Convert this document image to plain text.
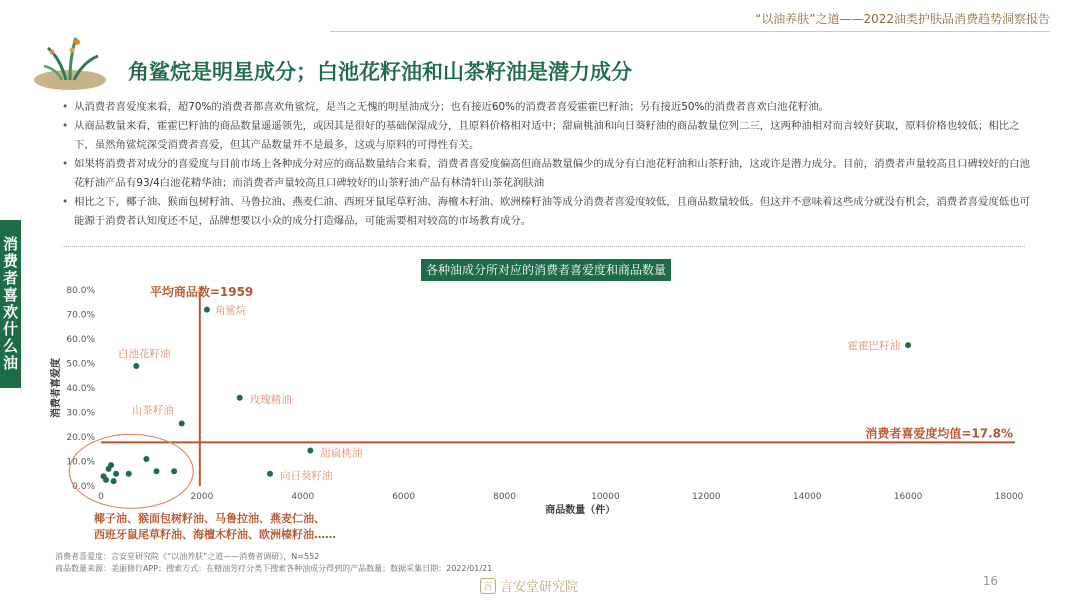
“以油养肤”之道——2022油类护肤品消费趋势洞察报告
角鲨烷是明星成分；白池花籽油和山茶籽油是潜力成分
消费者喜欢什么油
• 从消费者喜爱度来看，超70%的消费者都喜欢角鲨烷，是当之无愧的明星油成分；也有接近60%的消费者喜爱霍霍巴籽油；另有接近50%的消费者喜欢白池花籽油。
• 从商品数量来看，霍霍巴籽油的商品数量遥遥领先，或因其是很好的基础保湿成分，且原料价格相对适中；甜扁桃油和向日葵籽油的商品数量位列二三，这两种油相对而言较好获取，原料价格也较低；相比之下，虽然角鲨烷深受消费者喜爱，但其产品数量并不是最多，这或与原料的可得性有关。
• 如果将消费者对成分的喜爱度与目前市场上各种成分对应的商品数量结合来看，消费者喜爱度偏高但商品数量偏少的成分有白池花籽油和山茶籽油，这或许是潜力成分。目前，消费者声量较高且口碑较好的白池花籽油产品有93/4白池花精华油；而消费者声量较高且口碑较好的山茶籽油产品有林清轩山茶花润肤油
• 相比之下，椰子油、猴面包树籽油、马鲁拉油、燕麦仁油、西班牙鼠尾草籽油、海檀木籽油、欧洲榛籽油等成分消费者喜爱度较低，且商品数量较低。但这并不意味着这些成分就没有机会，消费者喜爱度低也可能源于消费者认知度还不足，品牌想要以小众的成分打造爆品，可能需要相对较高的市场教育成分。
各种油成分所对应的消费者喜爱度和商品数量
0.0%
10.0%
20.0%
30.0%
40.0%
50.0%
60.0%
70.0%
80.0%
0	2000	4000	6000	8000	10000	12000	14000	16000	18000
商品数量（件）
消费者喜爱度
平均商品数=1959
消费者喜爱度均值=17.8%
角鲨烷
霍霍巴籽油
白池花籽油
玫瑰精油
山茶籽油
甜扁桃油
向日葵籽油
椰子油、猴面包树籽油、马鲁拉油、燕麦仁油、
西班牙鼠尾草籽油、海檀木籽油、欧洲榛籽油……
消费者喜爱度：言安堂研究院《“以油养肤”之道——消费者调研》，N=552
商品数量来源：美丽修行APP；搜索方式：在精油芳疗分类下搜索各种油成分得到的产品数量；数据采集日期：2022/01/21
言 言安堂研究院	16
